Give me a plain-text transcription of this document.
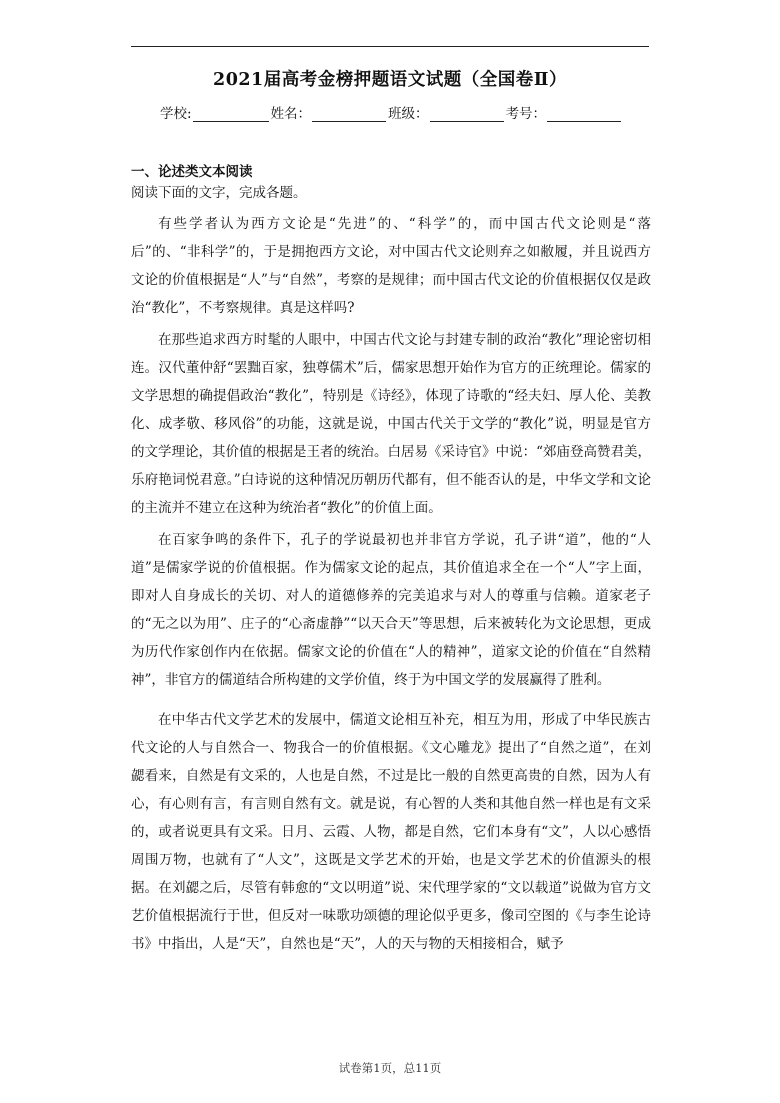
2021届高考金榜押题语文试题（全国卷Ⅱ）
学校:	姓名：	班级：	考号：

一、论述类文本阅读

阅读下面的文字，完成各题。

有些学者认为西方文论是“先进”的、“科学”的，而中国古代文论则是“落后”的、“非科学”的，于是拥抱西方文论，对中国古代文论则弃之如敝履，并且说西方文论的价值根据是“人”与“自然”，考察的是规律；而中国古代文论的价值根据仅仅是政治“教化”，不考察规律。真是这样吗?

在那些追求西方时髦的人眼中，中国古代文论与封建专制的政治“教化”理论密切相连。汉代董仲舒“罢黜百家，独尊儒术”后，儒家思想开始作为官方的正统理论。儒家的文学思想的确提倡政治“教化”，特别是《诗经》，体现了诗歌的“经夫妇、厚人伦、美教化、成孝敬、移风俗”的功能，这就是说，中国古代关于文学的“教化”说，明显是官方的文学理论，其价值的根据是王者的统治。白居易《采诗官》中说：“郊庙登高赞君美，乐府艳词悦君意。”白诗说的这种情况历朝历代都有，但不能否认的是，中华文学和文论的主流并不建立在这种为统治者“教化”的价值上面。

在百家争鸣的条件下，孔子的学说最初也并非官方学说，孔子讲“道”，他的“人道”是儒家学说的价值根据。作为儒家文论的起点，其价值追求全在一个“人”字上面，即对人自身成长的关切、对人的道德修养的完美追求与对人的尊重与信赖。道家老子的“无之以为用”、庄子的“心斋虚静”“以天合天”等思想，后来被转化为文论思想，更成为历代作家创作内在依据。儒家文论的价值在“人的精神”，道家文论的价值在“自然精神”，非官方的儒道结合所构建的文学价值，终于为中国文学的发展赢得了胜利。

在中华古代文学艺术的发展中，儒道文论相互补充，相互为用，形成了中华民族古代文论的人与自然合一、物我合一的价值根据。《文心雕龙》提出了“自然之道”，在刘勰看来，自然是有文采的，人也是自然，不过是比一般的自然更高贵的自然，因为人有心，有心则有言，有言则自然有文。就是说，有心智的人类和其他自然一样也是有文采的，或者说更具有文采。日月、云霞、人物，都是自然，它们本身有“文”，人以心感悟周围万物，也就有了“人文”，这既是文学艺术的开始，也是文学艺术的价值源头的根据。在刘勰之后，尽管有韩愈的“文以明道”说、宋代理学家的“文以载道”说做为官方文艺价值根据流行于世，但反对一味歌功颂德的理论似乎更多，像司空图的《与李生论诗书》中指出，人是“天”，自然也是“天”，人的天与物的天相接相合，赋予

试卷第1页，总11页
